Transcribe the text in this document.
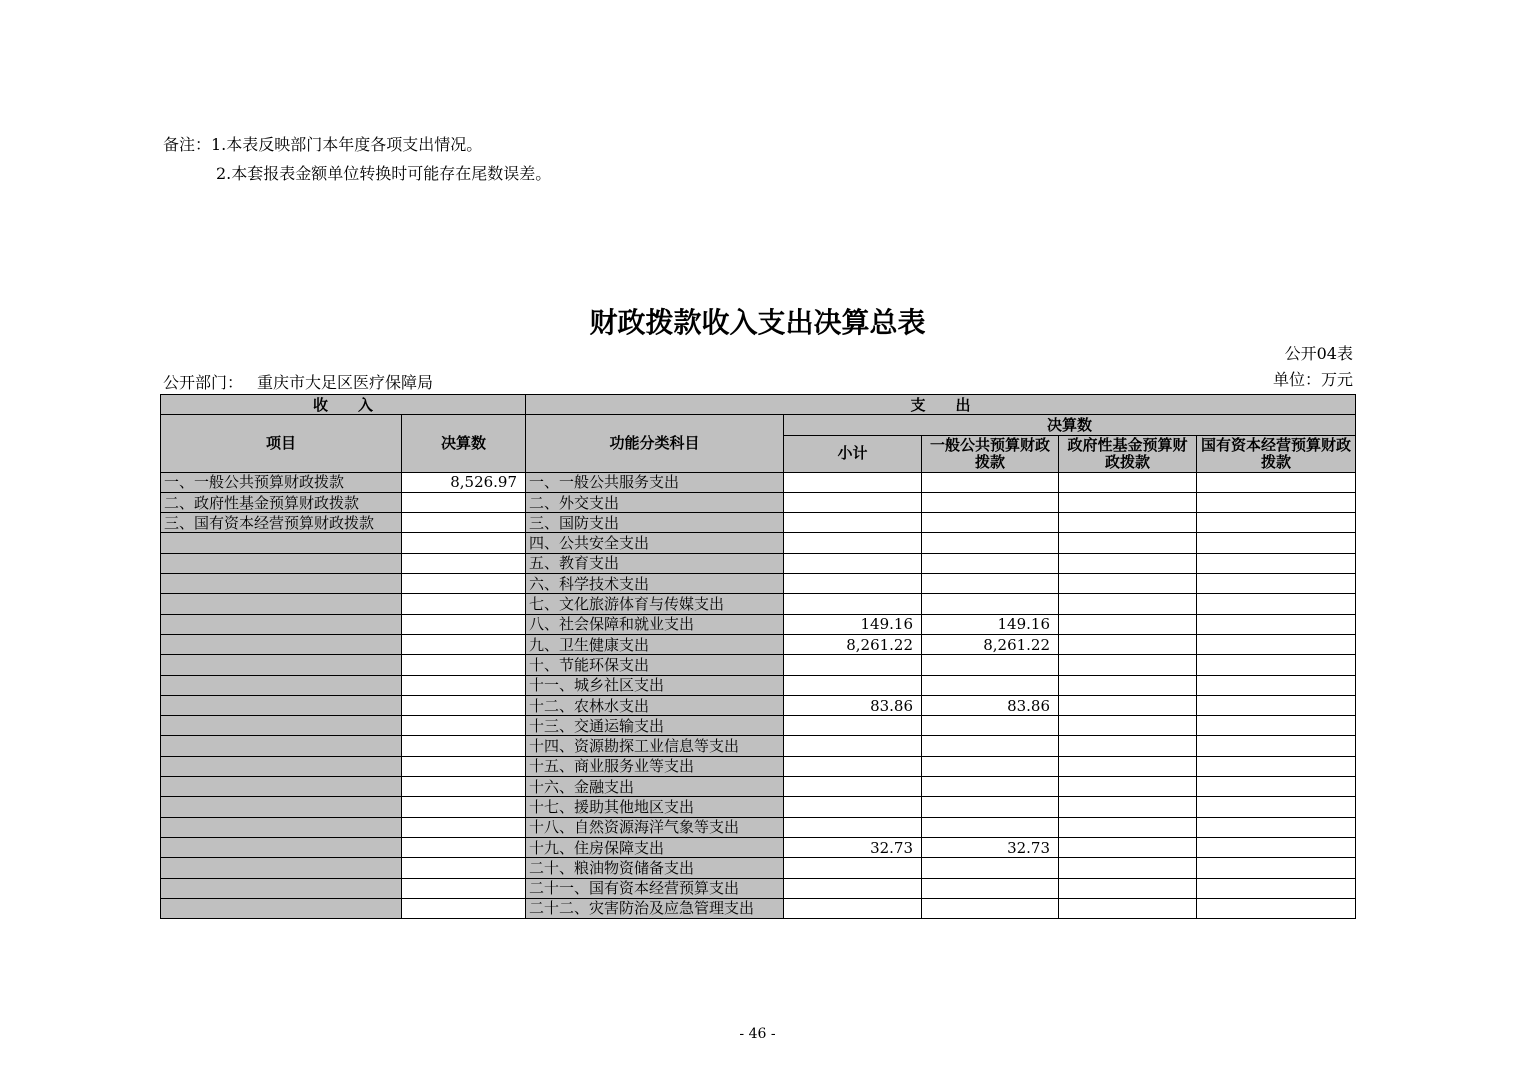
备注：1.本表反映部门本年度各项支出情况。
2.本套报表金额单位转换时可能存在尾数误差。
财政拨款收入支出决算总表
公开04表
公开部门： 重庆市大足区医疗保障局	单位：万元
收　　入		支　　出				
项目	决算数	功能分类科目	决算数			
			小计	一般公共预算财政拨款	政府性基金预算财政拨款	国有资本经营预算财政拨款
一、一般公共预算财政拨款	8,526.97	一、一般公共服务支出				
二、政府性基金预算财政拨款		二、外交支出				
三、国有资本经营预算财政拨款		三、国防支出				
		四、公共安全支出				
		五、教育支出				
		六、科学技术支出				
		七、文化旅游体育与传媒支出				
		八、社会保障和就业支出	149.16	149.16		
		九、卫生健康支出	8,261.22	8,261.22		
		十、节能环保支出				
		十一、城乡社区支出				
		十二、农林水支出	83.86	83.86		
		十三、交通运输支出				
		十四、资源勘探工业信息等支出				
		十五、商业服务业等支出				
		十六、金融支出				
		十七、援助其他地区支出				
		十八、自然资源海洋气象等支出				
		十九、住房保障支出	32.73	32.73		
		二十、粮油物资储备支出				
		二十一、国有资本经营预算支出				
		二十二、灾害防治及应急管理支出				
- 46 -
